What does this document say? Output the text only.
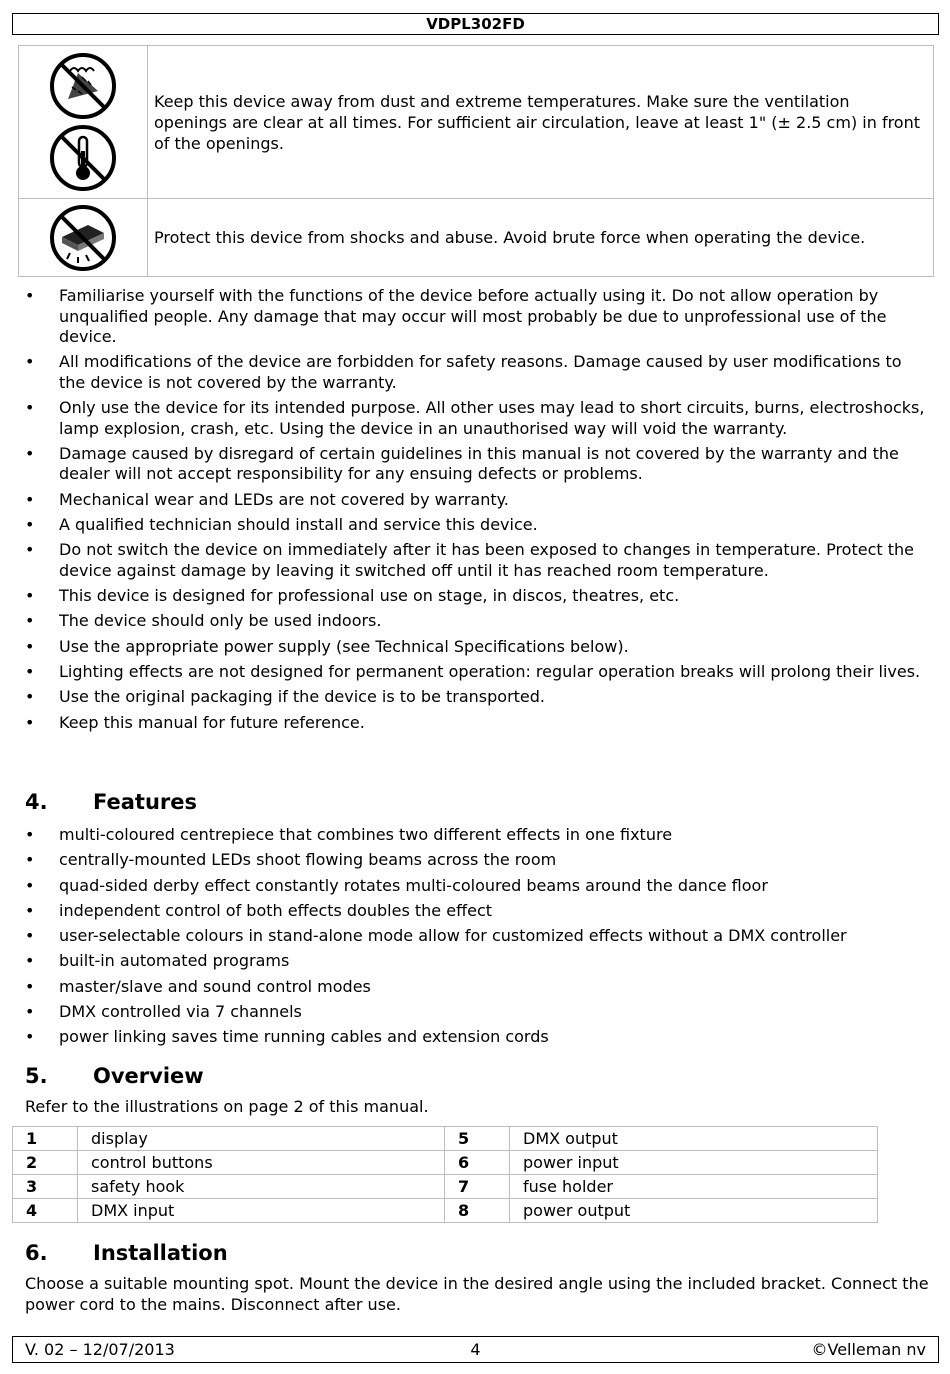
VDPL302FD
	Keep this device away from dust and extreme temperatures. Make sure the ventilation openings are clear at all times. For sufficient air circulation, leave at least 1" (± 2.5 cm) in front of the openings.

	Protect this device from shocks and abuse. Avoid brute force when operating the device.
• Familiarise yourself with the functions of the device before actually using it. Do not allow operation by unqualified people. Any damage that may occur will most probably be due to unprofessional use of the device.
• All modifications of the device are forbidden for safety reasons. Damage caused by user modifications to the device is not covered by the warranty.
• Only use the device for its intended purpose. All other uses may lead to short circuits, burns, electroshocks, lamp explosion, crash, etc. Using the device in an unauthorised way will void the warranty.
• Damage caused by disregard of certain guidelines in this manual is not covered by the warranty and the dealer will not accept responsibility for any ensuing defects or problems.
• Mechanical wear and LEDs are not covered by warranty.
• A qualified technician should install and service this device.
• Do not switch the device on immediately after it has been exposed to changes in temperature. Protect the device against damage by leaving it switched off until it has reached room temperature.
• This device is designed for professional use on stage, in discos, theatres, etc.
• The device should only be used indoors.
• Use the appropriate power supply (see Technical Specifications below).
• Lighting effects are not designed for permanent operation: regular operation breaks will prolong their lives.
• Use the original packaging if the device is to be transported.
• Keep this manual for future reference.
4. Features
• multi-coloured centrepiece that combines two different effects in one fixture
• centrally-mounted LEDs shoot flowing beams across the room
• quad-sided derby effect constantly rotates multi-coloured beams around the dance floor
• independent control of both effects doubles the effect
• user-selectable colours in stand-alone mode allow for customized effects without a DMX controller
• built-in automated programs
• master/slave and sound control modes
• DMX controlled via 7 channels
• power linking saves time running cables and extension cords
5. Overview

Refer to the illustrations on page 2 of this manual.

1	display	5	DMX output
2	control buttons	6	power input
3	safety hook	7	fuse holder
4	DMX input	8	power output
6. Installation

Choose a suitable mounting spot. Mount the device in the desired angle using the included bracket. Connect the power cord to the mains. Disconnect after use.

V. 02 – 12/07/2013	4	©Velleman nv
